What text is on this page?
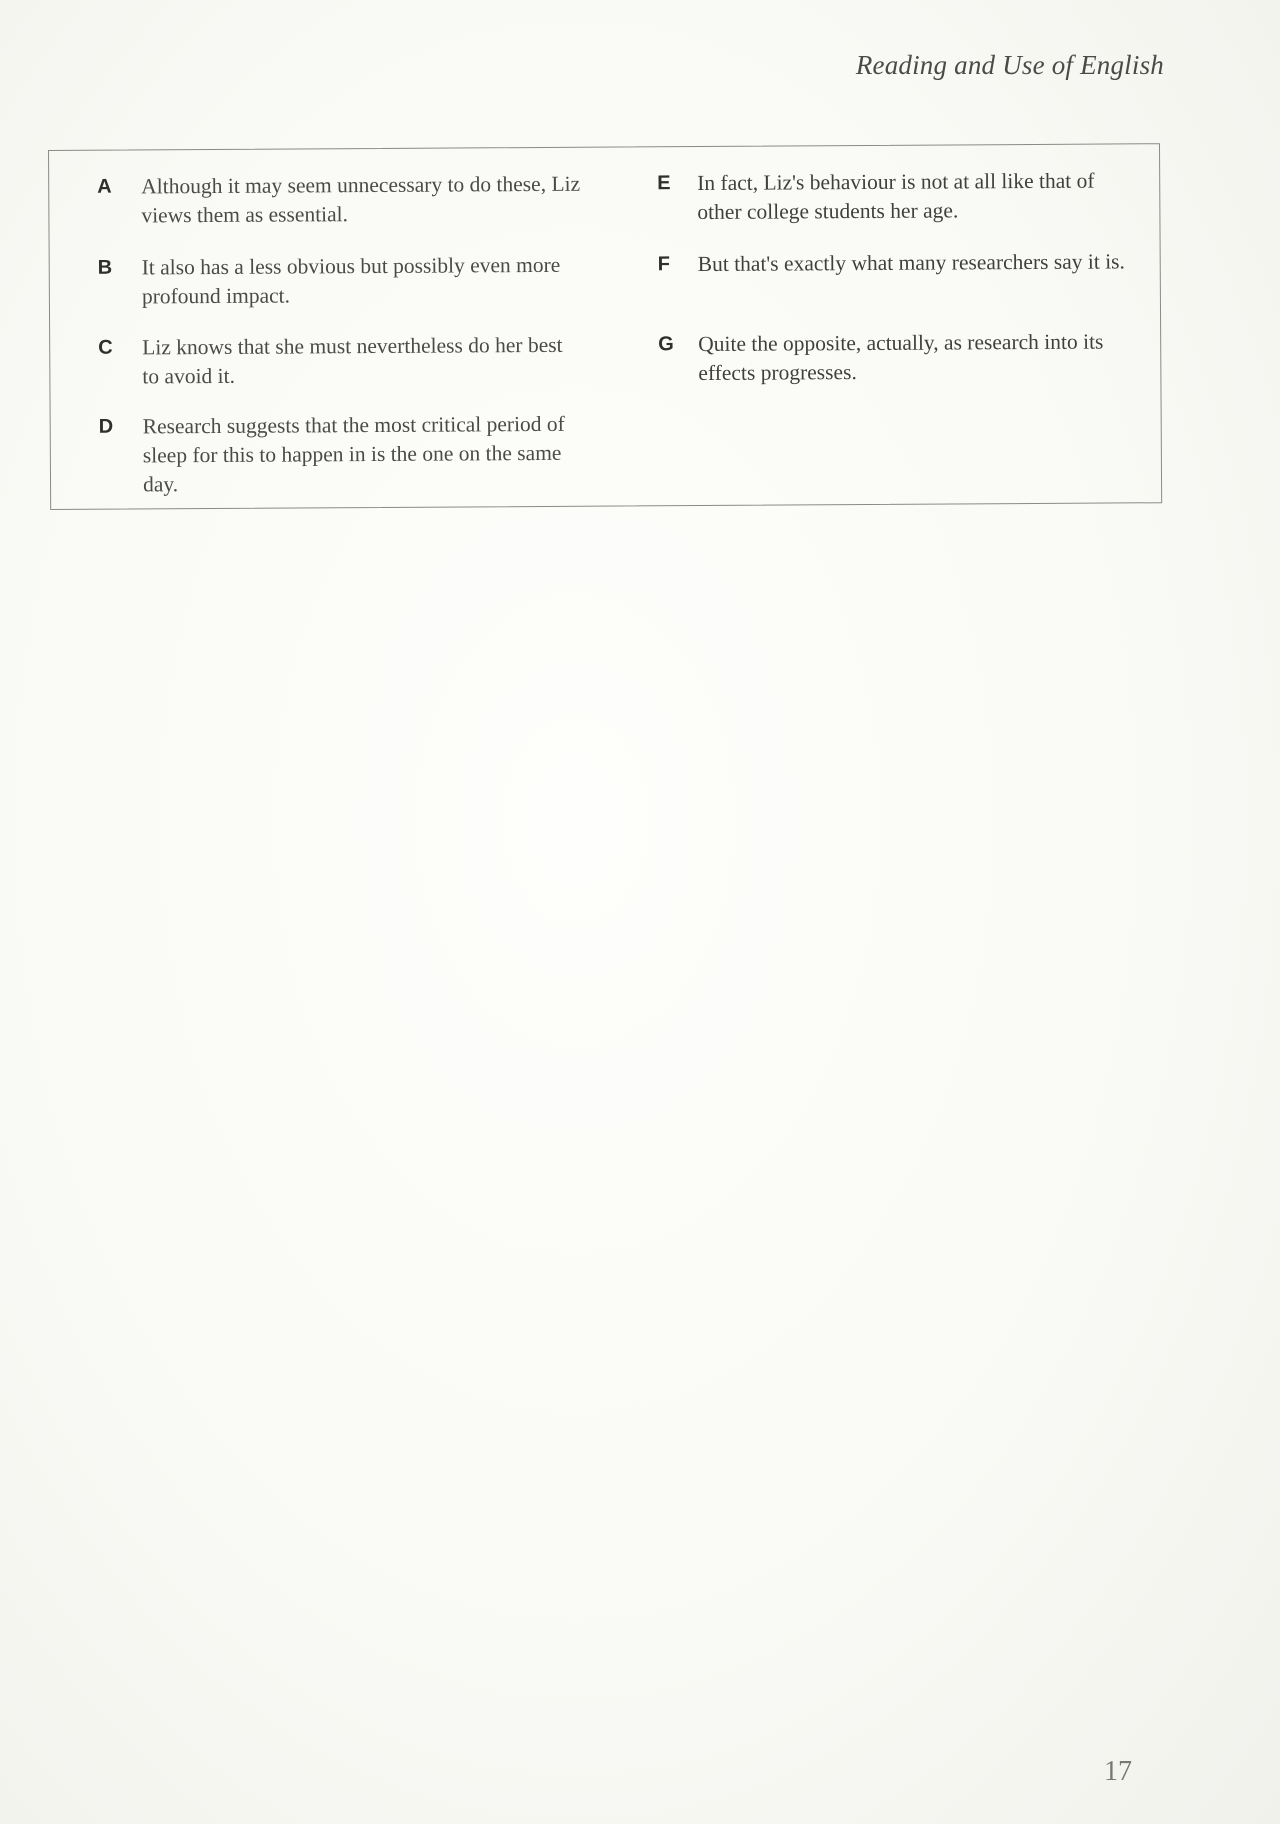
Reading and Use of English
A	Although it may seem unnecessary to do these, Liz views them as essential.
B	It also has a less obvious but possibly even more profound impact.
C	Liz knows that she must nevertheless do her best to avoid it.
D	Research suggests that the most critical period of sleep for this to happen in is the one on the same day.
E	In fact, Liz's behaviour is not at all like that of other college students her age.
F	But that's exactly what many researchers say it is.
G	Quite the opposite, actually, as research into its effects progresses.
17
